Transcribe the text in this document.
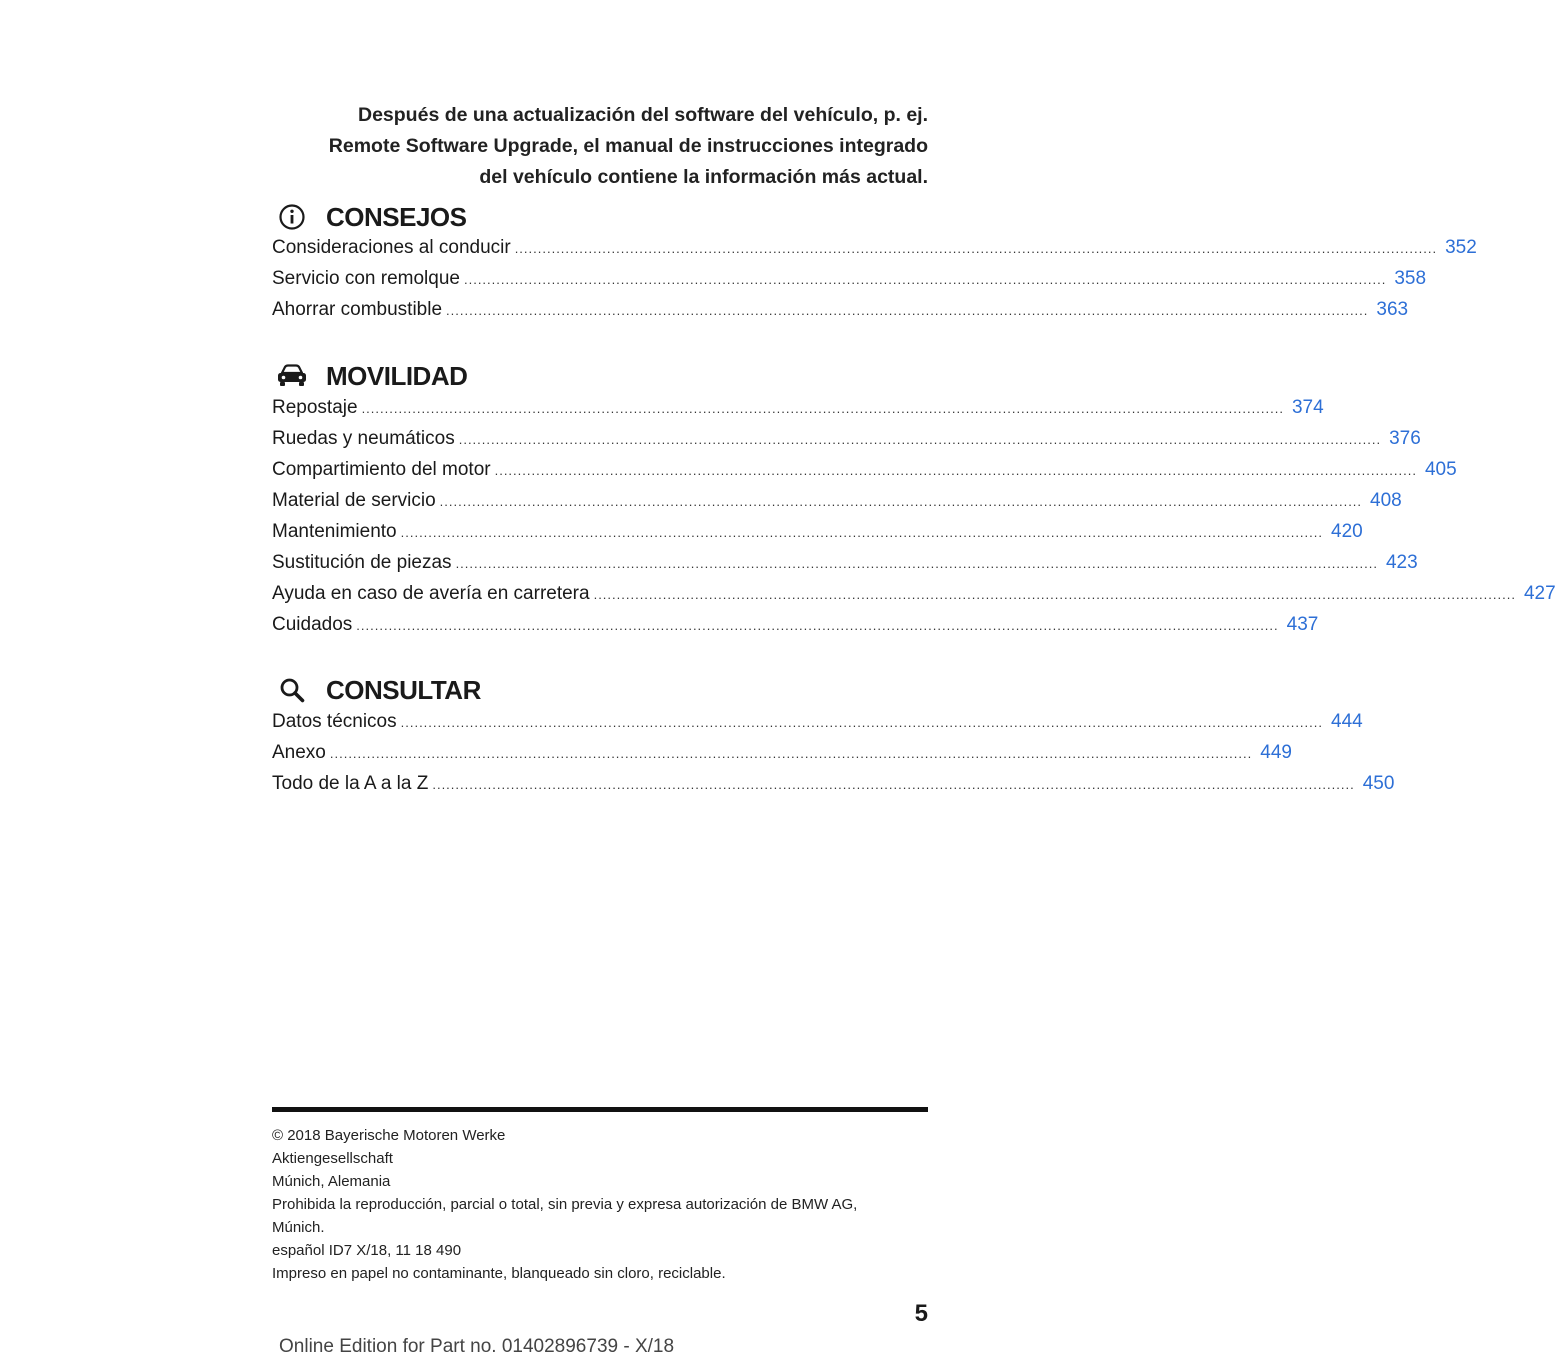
Después de una actualización del software del vehículo, p. ej.
Remote Software Upgrade, el manual de instrucciones integrado
del vehículo contiene la información más actual.
CONSEJOS
Consideraciones al conducir ........................................................................................................................................................................................................ 352
Servicio con remolque ........................................................................................................................................................................................................ 358
Ahorrar combustible ........................................................................................................................................................................................................ 363
MOVILIDAD
Repostaje ........................................................................................................................................................................................................ 374
Ruedas y neumáticos ........................................................................................................................................................................................................ 376
Compartimiento del motor ........................................................................................................................................................................................................ 405
Material de servicio ........................................................................................................................................................................................................ 408
Mantenimiento ........................................................................................................................................................................................................ 420
Sustitución de piezas ........................................................................................................................................................................................................ 423
Ayuda en caso de avería en carretera ........................................................................................................................................................................................................ 427
Cuidados ........................................................................................................................................................................................................ 437
CONSULTAR
Datos técnicos ........................................................................................................................................................................................................ 444
Anexo ........................................................................................................................................................................................................ 449
Todo de la A a la Z ........................................................................................................................................................................................................ 450
© 2018 Bayerische Motoren Werke
Aktiengesellschaft
Múnich, Alemania
Prohibida la reproducción, parcial o total, sin previa y expresa autorización de BMW AG,
Múnich.
español ID7 X/18, 11 18 490
Impreso en papel no contaminante, blanqueado sin cloro, reciclable.
5
Online Edition for Part no. 01402896739 - X/18
